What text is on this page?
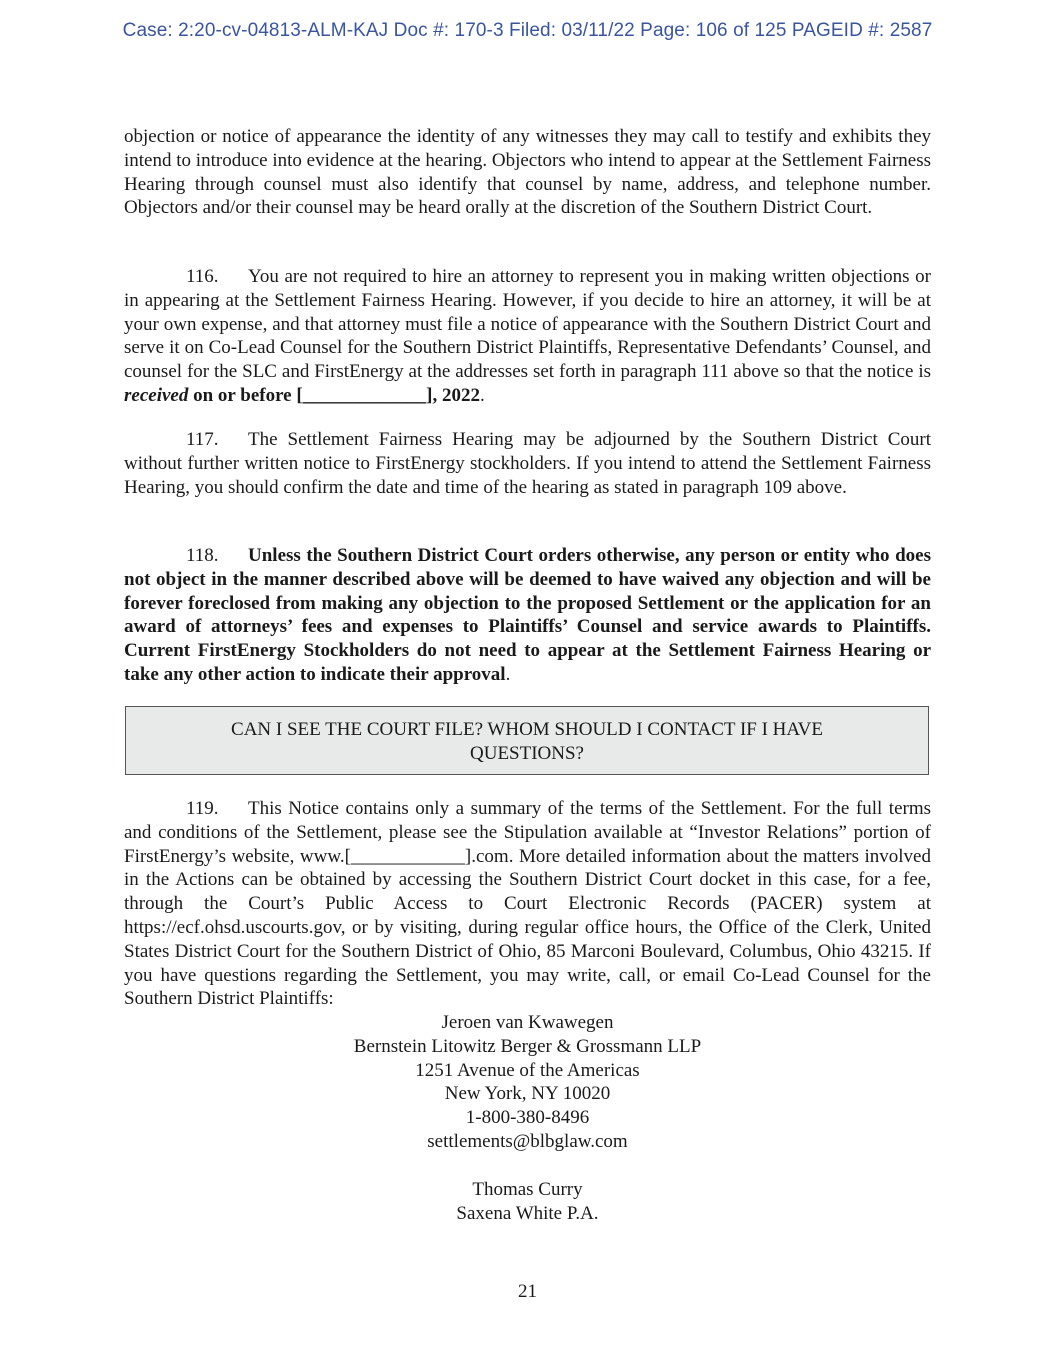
Case: 2:20-cv-04813-ALM-KAJ Doc #: 170-3 Filed: 03/11/22 Page: 106 of 125 PAGEID #: 2587
objection or notice of appearance the identity of any witnesses they may call to testify and exhibits they intend to introduce into evidence at the hearing. Objectors who intend to appear at the Settlement Fairness Hearing through counsel must also identify that counsel by name, address, and telephone number. Objectors and/or their counsel may be heard orally at the discretion of the Southern District Court.
116. You are not required to hire an attorney to represent you in making written objections or in appearing at the Settlement Fairness Hearing. However, if you decide to hire an attorney, it will be at your own expense, and that attorney must file a notice of appearance with the Southern District Court and serve it on Co-Lead Counsel for the Southern District Plaintiffs, Representative Defendants’ Counsel, and counsel for the SLC and FirstEnergy at the addresses set forth in paragraph 111 above so that the notice is received on or before [_____________], 2022.
117. The Settlement Fairness Hearing may be adjourned by the Southern District Court without further written notice to FirstEnergy stockholders. If you intend to attend the Settlement Fairness Hearing, you should confirm the date and time of the hearing as stated in paragraph 109 above.
118. Unless the Southern District Court orders otherwise, any person or entity who does not object in the manner described above will be deemed to have waived any objection and will be forever foreclosed from making any objection to the proposed Settlement or the application for an award of attorneys’ fees and expenses to Plaintiffs’ Counsel and service awards to Plaintiffs. Current FirstEnergy Stockholders do not need to appear at the Settlement Fairness Hearing or take any other action to indicate their approval.
CAN I SEE THE COURT FILE? WHOM SHOULD I CONTACT IF I HAVE QUESTIONS?
119. This Notice contains only a summary of the terms of the Settlement. For the full terms and conditions of the Settlement, please see the Stipulation available at “Investor Relations” portion of FirstEnergy’s website, www.[____________].com. More detailed information about the matters involved in the Actions can be obtained by accessing the Southern District Court docket in this case, for a fee, through the Court’s Public Access to Court Electronic Records (PACER) system at https://ecf.ohsd.uscourts.gov, or by visiting, during regular office hours, the Office of the Clerk, United States District Court for the Southern District of Ohio, 85 Marconi Boulevard, Columbus, Ohio 43215. If you have questions regarding the Settlement, you may write, call, or email Co-Lead Counsel for the Southern District Plaintiffs:
Jeroen van Kwawegen
Bernstein Litowitz Berger & Grossmann LLP
1251 Avenue of the Americas
New York, NY 10020
1-800-380-8496
settlements@blbglaw.com
Thomas Curry
Saxena White P.A.
21
